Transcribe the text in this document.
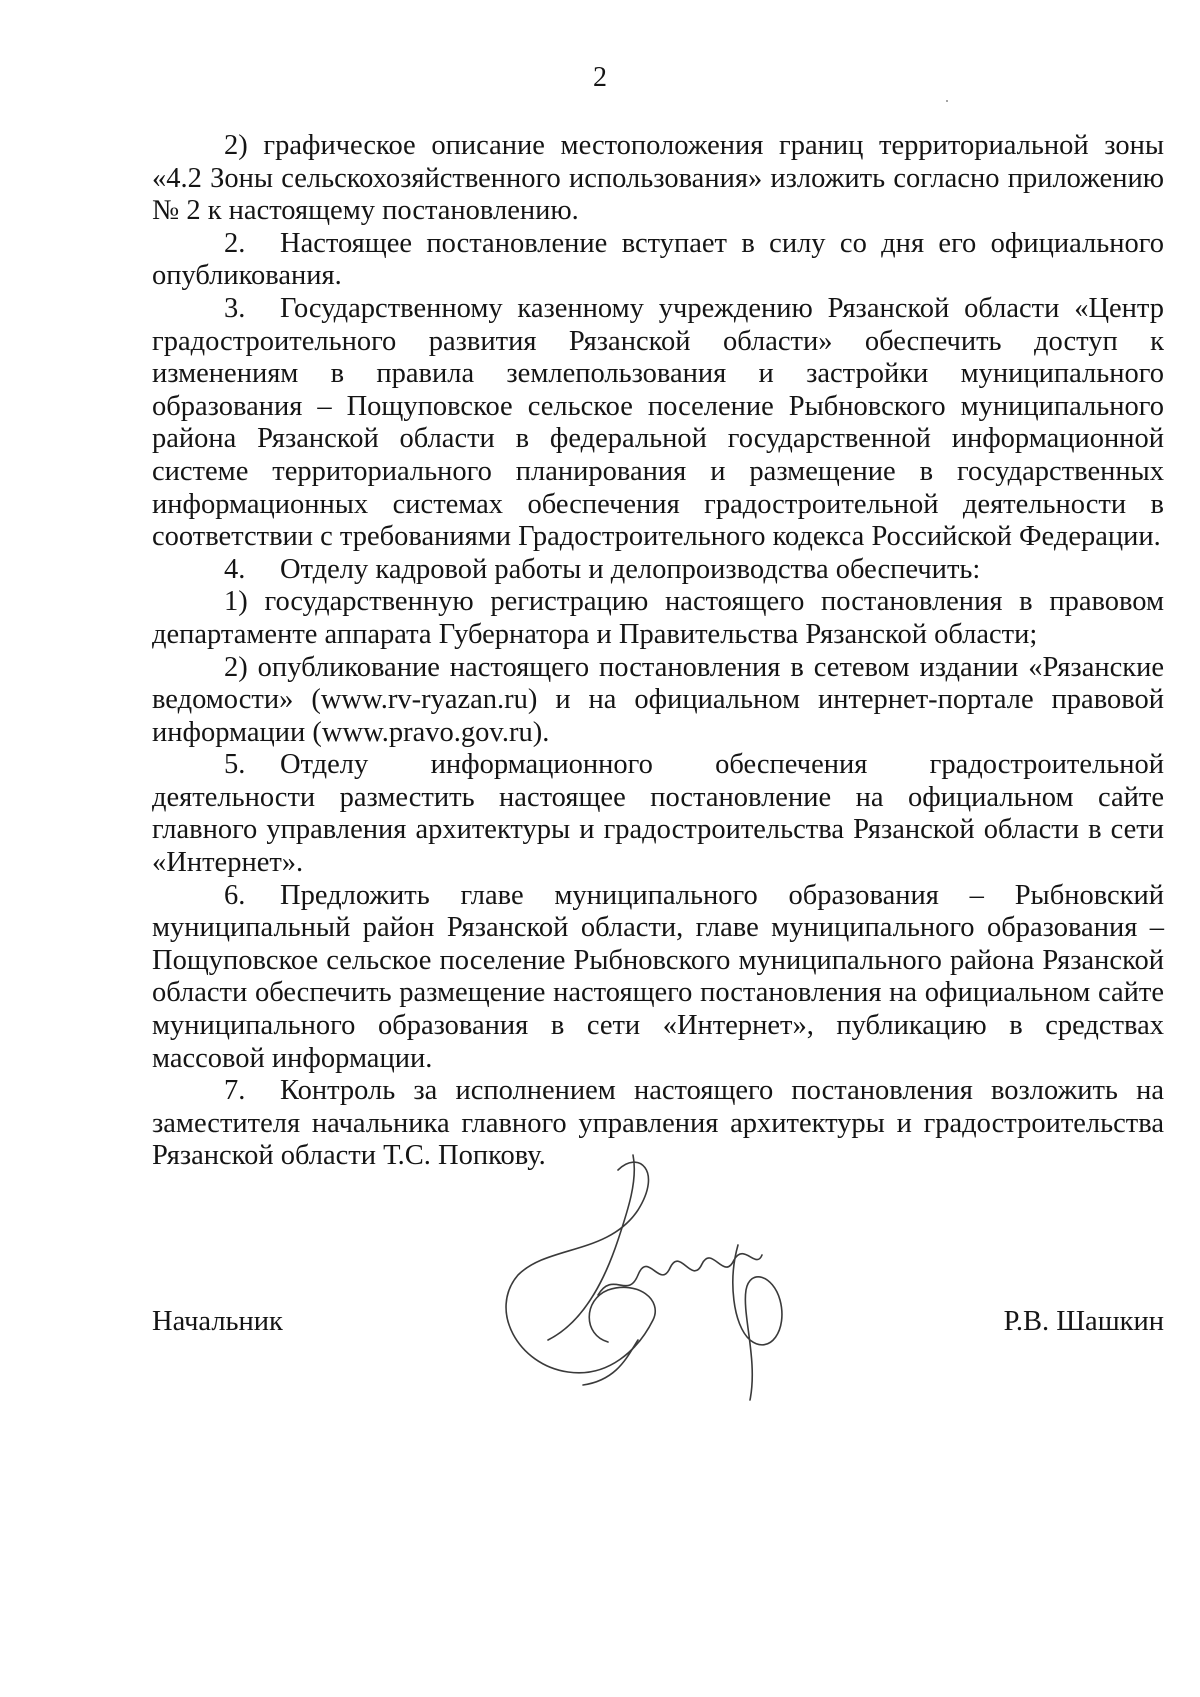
2

2) графическое описание местоположения границ территориальной зоны «4.2 Зоны сельскохозяйственного использования» изложить согласно приложению № 2 к настоящему постановлению.

2. Настоящее постановление вступает в силу со дня его официального опубликования.

3. Государственному казенному учреждению Рязанской области «Центр градостроительного развития Рязанской области» обеспечить доступ к изменениям в правила землепользования и застройки муниципального образования – Пощуповское сельское поселение Рыбновского муниципального района Рязанской области в федеральной государственной информационной системе территориального планирования и размещение в государственных информационных системах обеспечения градостроительной деятельности в соответствии с требованиями Градостроительного кодекса Российской Федерации.

4. Отделу кадровой работы и делопроизводства обеспечить:

1) государственную регистрацию настоящего постановления в правовом департаменте аппарата Губернатора и Правительства Рязанской области;

2) опубликование настоящего постановления в сетевом издании «Рязанские ведомости» (www.rv-ryazan.ru) и на официальном интернет-портале правовой информации (www.pravo.gov.ru).

5. Отделу информационного обеспечения градостроительной деятельности разместить настоящее постановление на официальном сайте главного управления архитектуры и градостроительства Рязанской области в сети «Интернет».

6. Предложить главе муниципального образования – Рыбновский муниципальный район Рязанской области, главе муниципального образования – Пощуповское сельское поселение Рыбновского муниципального района Рязанской области обеспечить размещение настоящего постановления на официальном сайте муниципального образования в сети «Интернет», публикацию в средствах массовой информации.

7. Контроль за исполнением настоящего постановления возложить на заместителя начальника главного управления архитектуры и градостроительства Рязанской области Т.С. Попкову.

Начальник	Р.В. Шашкин
